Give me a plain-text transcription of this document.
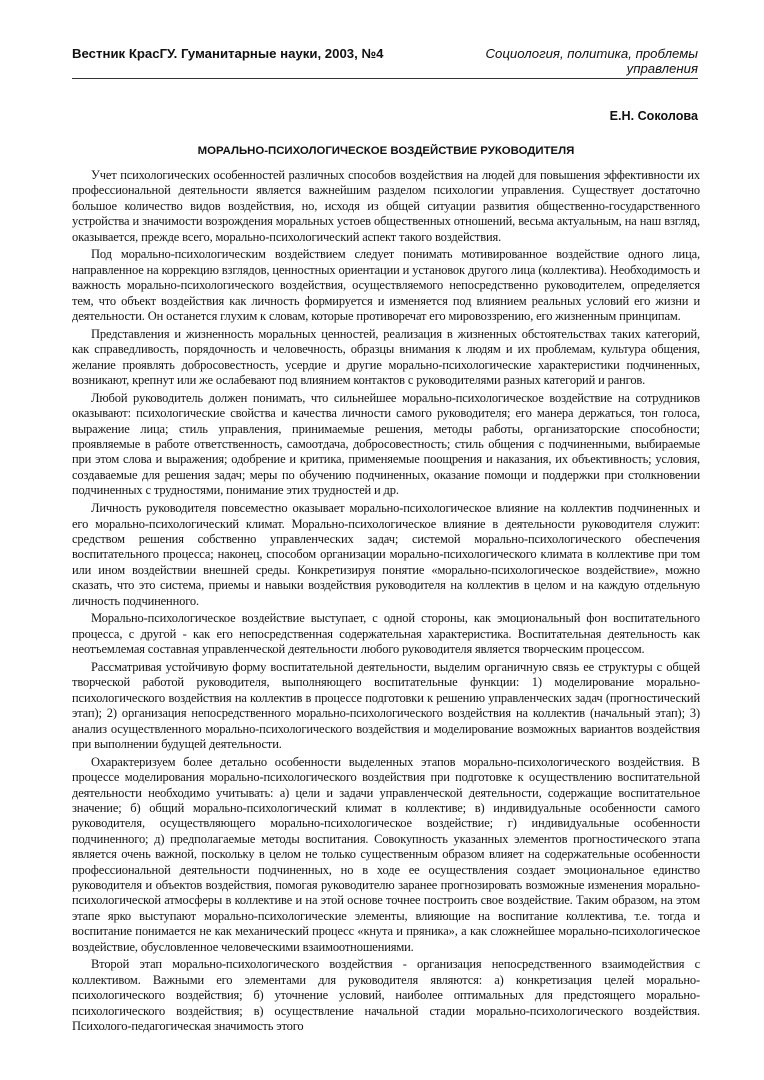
Вестник КрасГУ. Гуманитарные науки, 2003, №4	Социология, политика, проблемы управления
Е.Н. Соколова
МОРАЛЬНО-ПСИХОЛОГИЧЕСКОЕ ВОЗДЕЙСТВИЕ РУКОВОДИТЕЛЯ

Учет психологических особенностей различных способов воздействия на людей для повышения эффективности их профессиональной деятельности является важнейшим разделом психологии управления. Существует достаточно большое количество видов воздействия, но, исходя из общей ситуации развития общественно-государственного устройства и значимости возрождения моральных устоев общественных отношений, весьма актуальным, на наш взгляд, оказывается, прежде всего, морально-психологический аспект такого воздействия.

Под морально-психологическим воздействием следует понимать мотивированное воздействие одного лица, направленное на коррекцию взглядов, ценностных ориентации и установок другого лица (коллектива). Необходимость и важность морально-психологического воздействия, осуществляемого непосредственно руководителем, определяется тем, что объект воздействия как личность формируется и изменяется под влиянием реальных условий его жизни и деятельности. Он останется глухим к словам, которые противоречат его мировоззрению, его жизненным принципам.

Представления и жизненность моральных ценностей, реализация в жизненных обстоятельствах таких категорий, как справедливость, порядочность и человечность, образцы внимания к людям и их проблемам, культура общения, желание проявлять добросовестность, усердие и другие морально-психологические характеристики подчиненных, возникают, крепнут или же ослабевают под влиянием контактов с руководителями разных категорий и рангов.

Любой руководитель должен понимать, что сильнейшее морально-психологическое воздействие на сотрудников оказывают: психологические свойства и качества личности самого руководителя; его манера держаться, тон голоса, выражение лица; стиль управления, принимаемые решения, методы работы, организаторские способности; проявляемые в работе ответственность, самоотдача, добросовестность; стиль общения с подчиненными, выбираемые при этом слова и выражения; одобрение и критика, применяемые поощрения и наказания, их объективность; условия, создаваемые для решения задач; меры по обучению подчиненных, оказание помощи и поддержки при столкновении подчиненных с трудностями, понимание этих трудностей и др.

Личность руководителя повсеместно оказывает морально-психологическое влияние на коллектив подчиненных и его морально-психологический климат. Морально-психологическое влияние в деятельности руководителя служит: средством решения собственно управленческих задач; системой морально-психологического обеспечения воспитательного процесса; наконец, способом организации морально-психологического климата в коллективе при том или ином воздействии внешней среды. Конкретизируя понятие «морально-психологическое воздействие», можно сказать, что это система, приемы и навыки воздействия руководителя на коллектив в целом и на каждую отдельную личность подчиненного.

Морально-психологическое воздействие выступает, с одной стороны, как эмоциональный фон воспитательного процесса, с другой - как его непосредственная содержательная характеристика. Воспитательная деятельность как неотъемлемая составная управленческой деятельности любого руководителя является творческим процессом.

Рассматривая устойчивую форму воспитательной деятельности, выделим органичную связь ее структуры с общей творческой работой руководителя, выполняющего воспитательные функции: 1) моделирование морально-психологического воздействия на коллектив в процессе подготовки к решению управленческих задач (прогностический этап); 2) организация непосредственного морально-психологического воздействия на коллектив (начальный этап); 3) анализ осуществленного морально-психологического воздействия и моделирование возможных вариантов воздействия при выполнении будущей деятельности.

Охарактеризуем более детально особенности выделенных этапов морально-психологического воздействия. В процессе моделирования морально-психологического воздействия при подготовке к осуществлению воспитательной деятельности необходимо учитывать: а) цели и задачи управленческой деятельности, содержащие воспитательное значение; б) общий морально-психологический климат в коллективе; в) индивидуальные особенности самого руководителя, осуществляющего морально-психологическое воздействие; г) индивидуальные особенности подчиненного; д) предполагаемые методы воспитания. Совокупность указанных элементов прогностического этапа является очень важной, поскольку в целом не только существенным образом влияет на содержательные особенности профессиональной деятельности подчиненных, но в ходе ее осуществления создает эмоциональное единство руководителя и объектов воздействия, помогая руководителю заранее прогнозировать возможные изменения морально-психологической атмосферы в коллективе и на этой основе точнее построить свое воздействие. Таким образом, на этом этапе ярко выступают морально-психологические элементы, влияющие на воспитание коллектива, т.е. тогда и воспитание понимается не как механический процесс «кнута и пряника», а как сложнейшее морально-психологическое воздействие, обусловленное человеческими взаимоотношениями.

Второй этап морально-психологического воздействия - организация непосредственного взаимодействия с коллективом. Важными его элементами для руководителя являются: а) конкретизация целей морально-психологического воздействия; б) уточнение условий, наиболее оптимальных для предстоящего морально-психологического воздействия; в) осуществление начальной стадии морально-психологического воздействия. Психолого-педагогическая значимость этого
